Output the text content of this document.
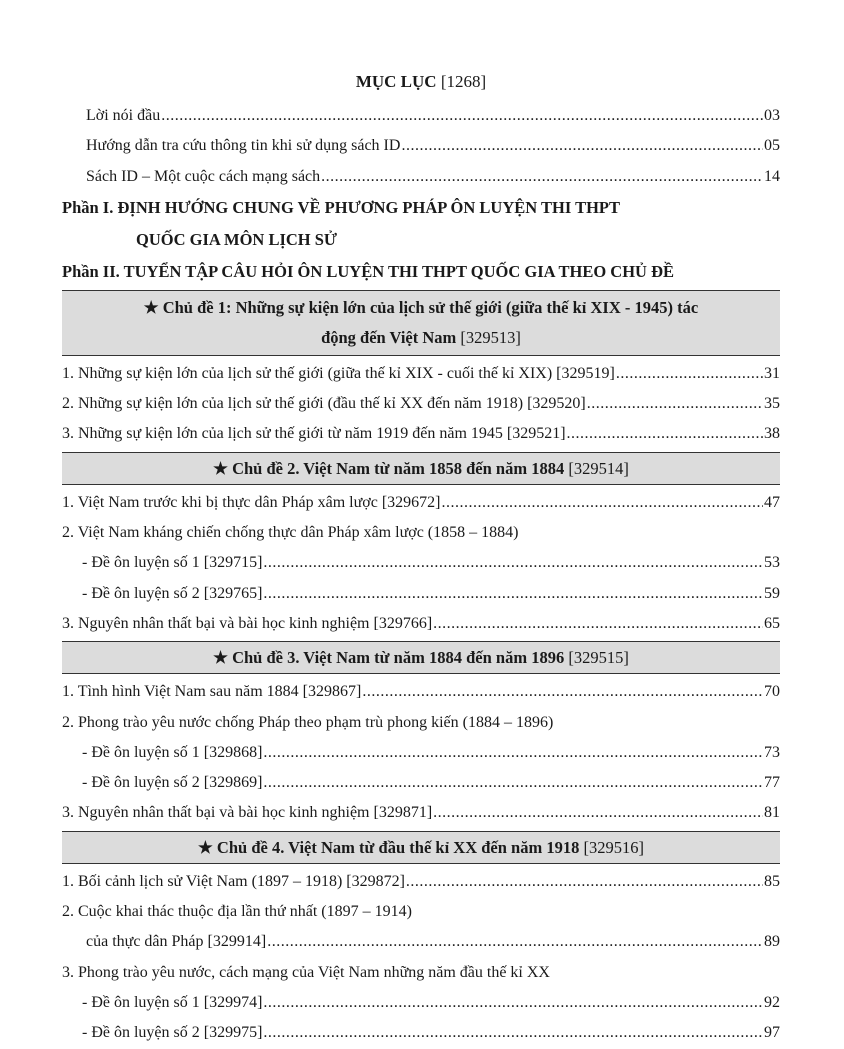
MỤC LỤC [1268]
Lời nói đầu .....	03
Hướng dẫn tra cứu thông tin khi sử dụng sách ID .....	05
Sách ID – Một cuộc cách mạng sách .....	14
Phần I. ĐỊNH HƯỚNG CHUNG VỀ PHƯƠNG PHÁP ÔN LUYỆN THI THPT
QUỐC GIA MÔN LỊCH SỬ
Phần II. TUYỂN TẬP CÂU HỎI ÔN LUYỆN THI THPT QUỐC GIA THEO CHỦ ĐỀ
★ Chủ đề 1: Những sự kiện lớn của lịch sử thế giới (giữa thế kỉ XIX - 1945) tác
động đến Việt Nam [329513]
1. Những sự kiện lớn của lịch sử thế giới (giữa thế kỉ XIX - cuối thế kỉ XIX) [329519] .....	31
2. Những sự kiện lớn của lịch sử thế giới (đầu thế kỉ XX đến năm 1918) [329520] .....	35
3. Những sự kiện lớn của lịch sử thế giới từ năm 1919 đến năm 1945 [329521] .....	38
★ Chủ đề 2. Việt Nam từ năm 1858 đến năm 1884 [329514]
1. Việt Nam trước khi bị thực dân Pháp xâm lược [329672] .....	47
2. Việt Nam kháng chiến chống thực dân Pháp xâm lược (1858 – 1884)
- Đề ôn luyện số 1 [329715] .....	53
- Đề ôn luyện số 2 [329765] .....	59
3. Nguyên nhân thất bại và bài học kinh nghiệm [329766] .....	65
★ Chủ đề 3. Việt Nam từ năm 1884 đến năm 1896 [329515]
1. Tình hình Việt Nam sau năm 1884 [329867] .....	70
2. Phong trào yêu nước chống Pháp theo phạm trù phong kiến (1884 – 1896)
- Đề ôn luyện số 1 [329868] .....	73
- Đề ôn luyện số 2 [329869] .....	77
3. Nguyên nhân thất bại và bài học kinh nghiệm [329871] .....	81
★ Chủ đề 4. Việt Nam từ đầu thế kỉ XX đến năm 1918 [329516]
1. Bối cảnh lịch sử Việt Nam (1897 – 1918) [329872] .....	85
2. Cuộc khai thác thuộc địa lần thứ nhất (1897 – 1914)
của thực dân Pháp [329914] .....	89
3. Phong trào yêu nước, cách mạng của Việt Nam những năm đầu thế kỉ XX
- Đề ôn luyện số 1 [329974] .....	92
- Đề ôn luyện số 2 [329975] .....	97
